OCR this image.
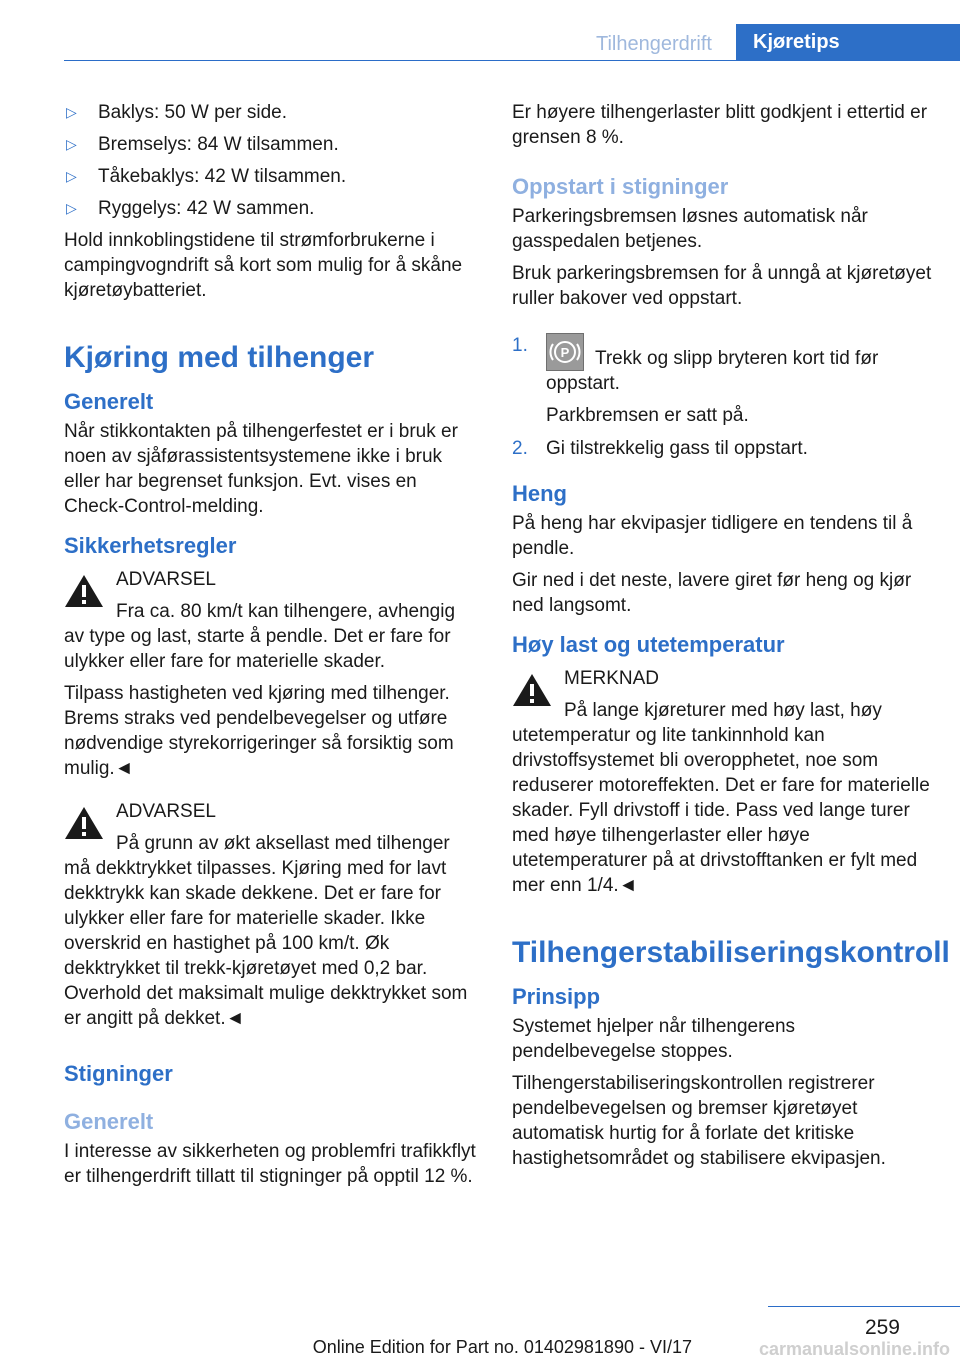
Tilhengerdrift	Kjøretips
▷ Baklys: 50 W per side.
▷ Bremselys: 84 W tilsammen.
▷ Tåkebaklys: 42 W tilsammen.
▷ Ryggelys: 42 W sammen.

Hold innkoblingstidene til strømforbrukerne i campingvogndrift så kort som mulig for å skåne kjøretøybatteriet.

Kjøring med tilhenger
Generelt

Når stikkontakten på tilhengerfestet er i bruk er noen av sjåførassistentsystemene ikke i bruk eller har begrenset funksjon. Evt. vises en Check-Control-melding.

Sikkerhetsregler

ADVARSEL

Fra ca. 80 km/t kan tilhengere, avhengig

av type og last, starte å pendle. Det er fare for ulykker eller fare for materielle skader.

Tilpass hastigheten ved kjøring med tilhenger. Brems straks ved pendelbevegelser og utføre nødvendige styrekorrigeringer så forsiktig som mulig.◄

ADVARSEL

På grunn av økt aksellast med tilhenger

må dekktrykket tilpasses. Kjøring med for lavt dekktrykk kan skade dekkene. Det er fare for ulykker eller fare for materielle skader. Ikke overskrid en hastighet på 100 km/t. Øk dekktrykket til trekk-kjøretøyet med 0,2 bar. Overhold det maksimalt mulige dekktrykket som er angitt på dekket.◄

Stigninger
Generelt

I interesse av sikkerheten og problemfri trafikkflyt er tilhengerdrift tillatt til stigninger på opptil 12 %.

Er høyere tilhengerlaster blitt godkjent i ettertid er grensen 8 %.

Oppstart i stigninger

Parkeringsbremsen løsnes automatisk når gasspedalen betjenes.

Bruk parkeringsbremsen for å unngå at kjøretøyet ruller bakover ved oppstart.

1.	P Trekk og slipp bryteren kort tid før oppstart.
Parkbremsen er satt på.
2. Gi tilstrekkelig gass til oppstart.
Heng

På heng har ekvipasjer tidligere en tendens til å pendle.

Gir ned i det neste, lavere giret før heng og kjør ned langsomt.

Høy last og utetemperatur

MERKNAD

På lange kjøreturer med høy last, høy

utetemperatur og lite tankinnhold kan drivstoffsystemet bli overopphetet, noe som reduserer motoreffekten. Det er fare for materielle skader. Fyll drivstoff i tide. Pass ved lange turer med høye tilhengerlaster eller høye utetemperaturer på at drivstofftanken er fylt med mer enn 1/4.◄

Tilhengerstabiliseringskontroll
Prinsipp

Systemet hjelper når tilhengerens pendelbevegelse stoppes.

Tilhengerstabiliseringskontrollen registrerer pendelbevegelsen og bremser kjøretøyet automatisk hurtig for å forlate det kritiske hastighetsområdet og stabilisere ekvipasjen.

259
Online Edition for Part no. 01402981890 - VI/17	carmanualsonline.info
